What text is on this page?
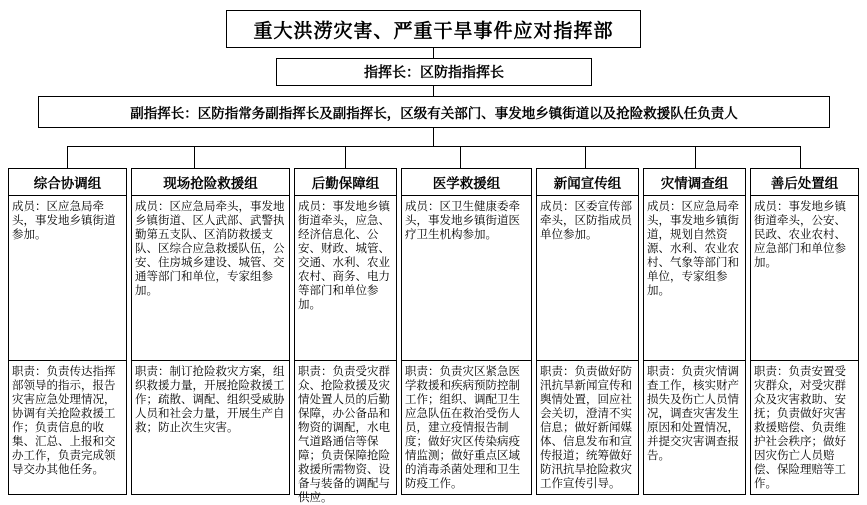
重大洪涝灾害、严重干旱事件应对指挥部
指挥长：区防指指挥长
副指挥长：区防指常务副指挥长及副指挥长，区级有关部门、事发地乡镇街道以及抢险救援队任负责人
综合协调组
成员：区应急局牵头，事发地乡镇街道参加。
职责：负责传达指挥部领导的指示，报告灾害应急处理情况，协调有关抢险救援工作；负责信息的收集、汇总、上报和交办工作，负责完成领导交办其他任务。
现场抢险救援组
成员：区应急局牵头，事发地乡镇街道、区人武部、武警执勤第五支队、区消防救援支队、区综合应急救援队伍，公安、住房城乡建设、城管、交通等部门和单位，专家组参加。
职责：制订抢险救灾方案，组织救援力量，开展抢险救援工作；疏散、调配、组织受威胁人员和社会力量，开展生产自救；防止次生灾害。
后勤保障组
成员：事发地乡镇街道牵头，应急、经济信息化、公安、财政、城管、交通、水利、农业农村、商务、电力等部门和单位参加。
职责：负责受灾群众、抢险救援及灾情处置人员的后勤保障，办公备品和物资的调配，水电气道路通信等保障；负责保障抢险救援所需物资、设备与装备的调配与供应。
医学救援组
成员：区卫生健康委牵头，事发地乡镇街道医疗卫生机构参加。
职责：负责灾区紧急医学救援和疾病预防控制工作；组织、调配卫生应急队伍在救治受伤人员，建立疫情报告制度；做好灾区传染病疫情监测；做好重点区域的消毒杀菌处理和卫生防疫工作。
新闻宣传组
成员：区委宣传部牵头，区防指成员单位参加。
职责：负责做好防汛抗旱新闻宣传和舆情处置，回应社会关切，澄清不实信息；做好新闻媒体、信息发布和宣传报道；统筹做好防汛抗旱抢险救灾工作宣传引导。
灾情调查组
成员：区应急局牵头，事发地乡镇街道，规划自然资源、水利、农业农村、气象等部门和单位，专家组参加。
职责：负责灾情调查工作，核实财产损失及伤亡人员情况，调查灾害发生原因和处置情况，并提交灾害调查报告。
善后处置组
成员：事发地乡镇街道牵头，公安、民政、农业农村、应急部门和单位参加。
职责：负责安置受灾群众，对受灾群众及灾害救助、安抚；负责做好灾害救援赔偿、负责维护社会秩序；做好因灾伤亡人员赔偿、保险理赔等工作。
